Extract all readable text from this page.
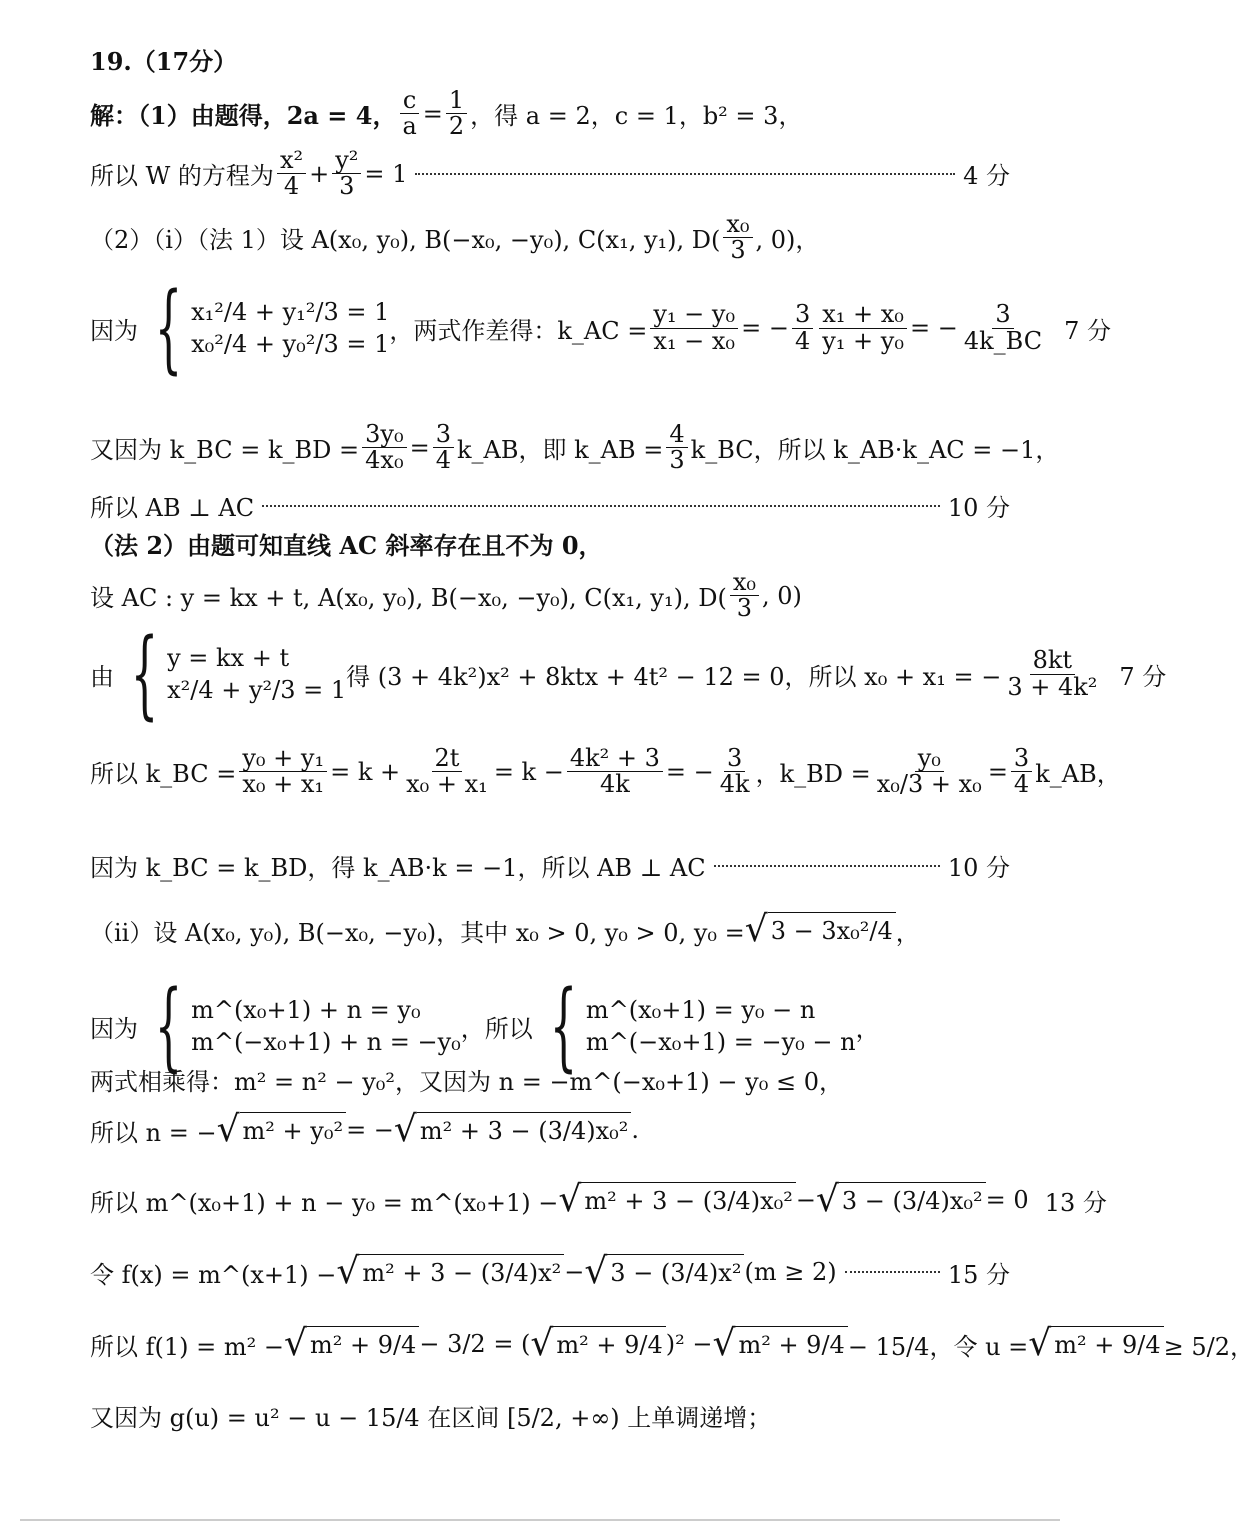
19.（17分）
解：（1）由题得，2a = 4， $\frac{c}{a} = \frac{1}{2}$ ，得 a = 2，c = 1，b² = 3，
所以 W 的方程为 $\frac{\text{x²}}{4} + \frac{\text{y²}}{3} = 1$	4 分
（2）（i）（法 1）设 A(x₀, y₀), B(−x₀, −y₀), C(x₁, y₁), $D( \frac{\text{x₀}}{3}$ , 0)，
因为 { x₁²/4 + y₁²/3 = 1
x₀²/4 + y₀²/3 = 1 ，两式作差得：k_AC = $\frac{\text{y₁ − y₀}}{\text{x₁ − x₀}}$ = − $\frac{3}{4} \frac{\text{x₁ + x₀}}{\text{y₁ + y₀}}$ = − $\frac{3}{4k\_BC} 7$ 分
又因为 k_BC = k_BD = $\frac{\text{3y₀}}{\text{4x₀}} = \frac{3}{4}$ k_AB，即 k_AB = $\frac{4}{3}$ k_BC，所以 k_AB·k_AC = −1，
所以 AB ⊥ AC	10 分
（法 2）由题可知直线 AC 斜率存在且不为 0，
设 AC : y = kx + t, A(x₀, y₀), B(−x₀, −y₀), C(x₁, y₁), $D( \frac{\text{x₀}}{3}$ , 0)
由 { y = kx + t
x²/4 + y²/3 = 1 得 (3 + 4k²)x² + 8ktx + 4t² − 12 = 0，所以 x₀ + x₁ = − $\frac{8kt}{\text{3 + 4k²}} 7$ 分
所以 k_BC = $\frac{\text{y₀ + y₁}}{\text{x₀ + x₁}} = k + \frac{2t}{\text{x₀ + x₁}} = k - \frac{\text{4k² + 3}}{4k}$ = − $\frac{3}{4k}$ ，k_BD = $\frac{\text{y₀}}{\text{x₀/3 + x₀}} = \frac{3}{4}$ k_AB，
因为 k_BC = k_BD，得 k_AB·k = −1，所以 AB ⊥ AC	10 分
（ii）设 A(x₀, y₀), B(−x₀, −y₀)，其中 x₀ > 0, y₀ > 0, y₀ = √ 3 − 3x₀²/4 ，
因为 { m^(x₀+1) + n = y₀
m^(−x₀+1) + n = −y₀ ，所以 { m^(x₀+1) = y₀ − n
m^(−x₀+1) = −y₀ − n ，
两式相乘得：m² = n² − y₀²，又因为 n = −m^(−x₀+1) − y₀ ≤ 0，
所以 n = − √ m² + y₀² = − √ m² + 3 − (3/4)x₀² .
所以 m^(x₀+1) + n − y₀ = m^(x₀+1) − √ m² + 3 − (3/4)x₀² − √ 3 − (3/4)x₀² = 0 13 分
令 f(x) = m^(x+1) − √ m² + 3 − (3/4)x² − √ 3 − (3/4)x² (m ≥ 2)	15 分
所以 f(1) = m² − √ m² + 9/4 − 3/2 = ( √ m² + 9/4 )² − √ m² + 9/4 − 15/4，令 u = √ m² + 9/4 ≥ 5/2，
又因为 g(u) = u² − u − 15/4 在区间 [5/2, +∞) 上单调递增；
